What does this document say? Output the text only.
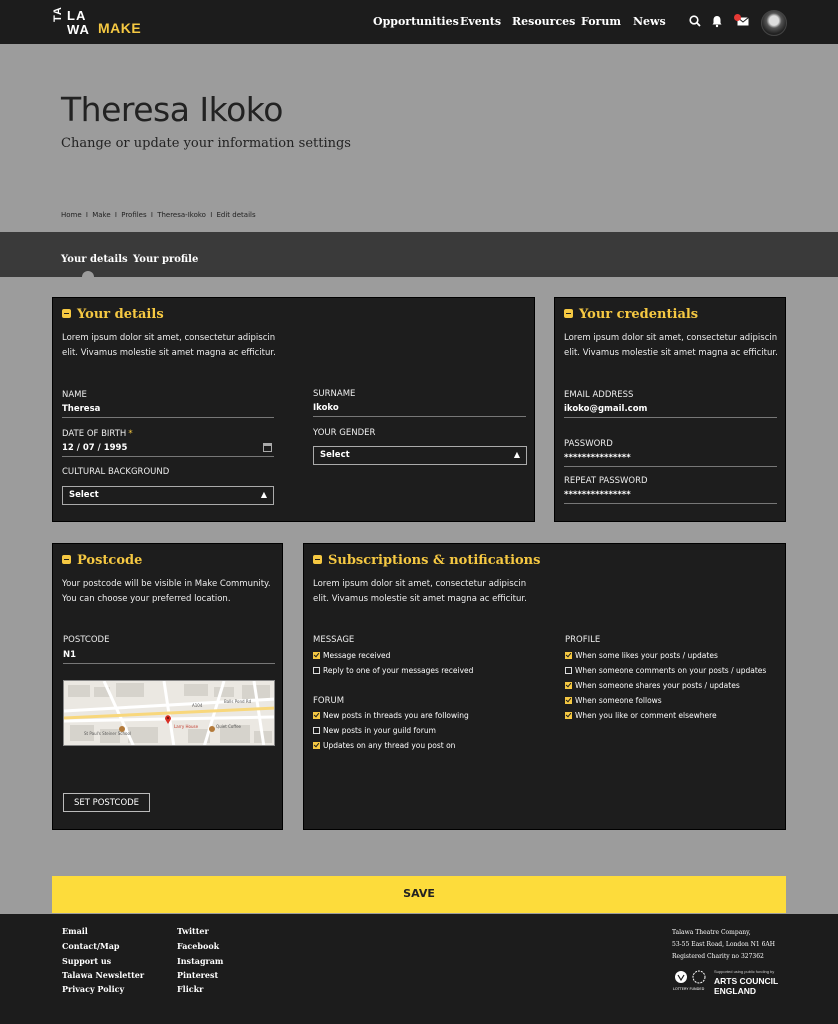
TA LA
WA MAKE	Opportunities Events Resources Forum News
Theresa Ikoko
Change or update your information settings
Home I Make I Profiles I Theresa-Ikoko I Edit details
Your details Your profile
Your details
Lorem ipsum dolor sit amet, consectetur adipiscin
elit. Vivamus molestie sit amet magna ac efficitur.
NAME
Theresa
SURNAME
Ikoko
DATE OF BIRTH *
12 / 07 / 1995
YOUR GENDER
Select	▲︎
CULTURAL BACKGROUND
Select	▲︎
Your credentials
Lorem ipsum dolor sit amet, consectetur adipiscin
elit. Vivamus molestie sit amet magna ac efficitur.
EMAIL ADDRESS
ikoko@gmail.com
PASSWORD
***************
REPEAT PASSWORD
***************
Postcode
Your postcode will be visible in Make Community.
You can choose your preferred location.
POSTCODE
N1
Larry House
A104
St Paul's Steiner School
Quiet Coffee
Balls Pond Rd
SET POSTCODE
Subscriptions & notifications
Lorem ipsum dolor sit amet, consectetur adipiscin
elit. Vivamus molestie sit amet magna ac efficitur.
MESSAGE
Message received
Reply to one of your messages received
FORUM
New posts in threads you are following
New posts in your guild forum
Updates on any thread you post on
PROFILE
When some likes your posts / updates
When someone comments on your posts / updates
When someone shares your posts / updates
When someone follows
When you like or comment elsewhere
SAVE
Email
Contact/Map
Support us
Talawa Newsletter
Privacy Policy
Twitter
Facebook
Instagram
Pinterest
Flickr
Talawa Theatre Company,
53-55 East Road, London N1 6AH
Registered Charity no 327362
LOTTERY FUNDED
Supported using public funding by
ARTS COUNCIL
ENGLAND
